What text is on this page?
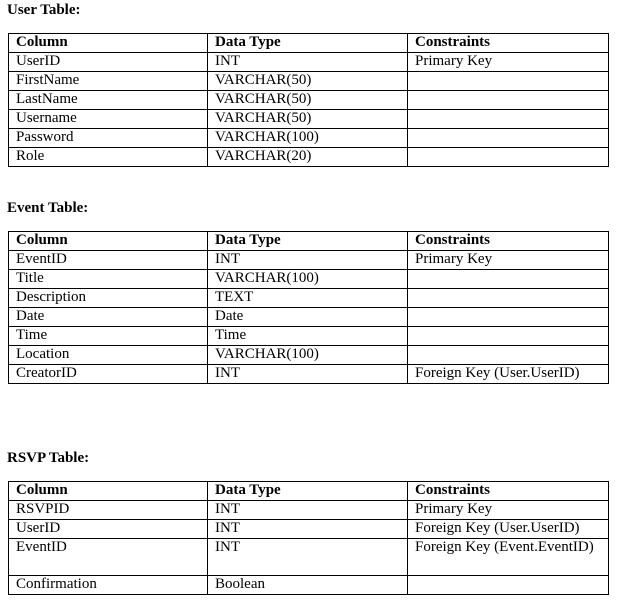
User Table:
Column	Data Type	Constraints
UserID	INT	Primary Key
FirstName	VARCHAR(50)	
LastName	VARCHAR(50)	
Username	VARCHAR(50)	
Password	VARCHAR(100)	
Role	VARCHAR(20)	
Event Table:
Column	Data Type	Constraints
EventID	INT	Primary Key
Title	VARCHAR(100)	
Description	TEXT	
Date	Date	
Time	Time	
Location	VARCHAR(100)	
CreatorID	INT	Foreign Key (User.UserID)
RSVP Table:
Column	Data Type	Constraints
RSVPID	INT	Primary Key
UserID	INT	Foreign Key (User.UserID)
EventID	INT	Foreign Key (Event.EventID)
Confirmation	Boolean	
